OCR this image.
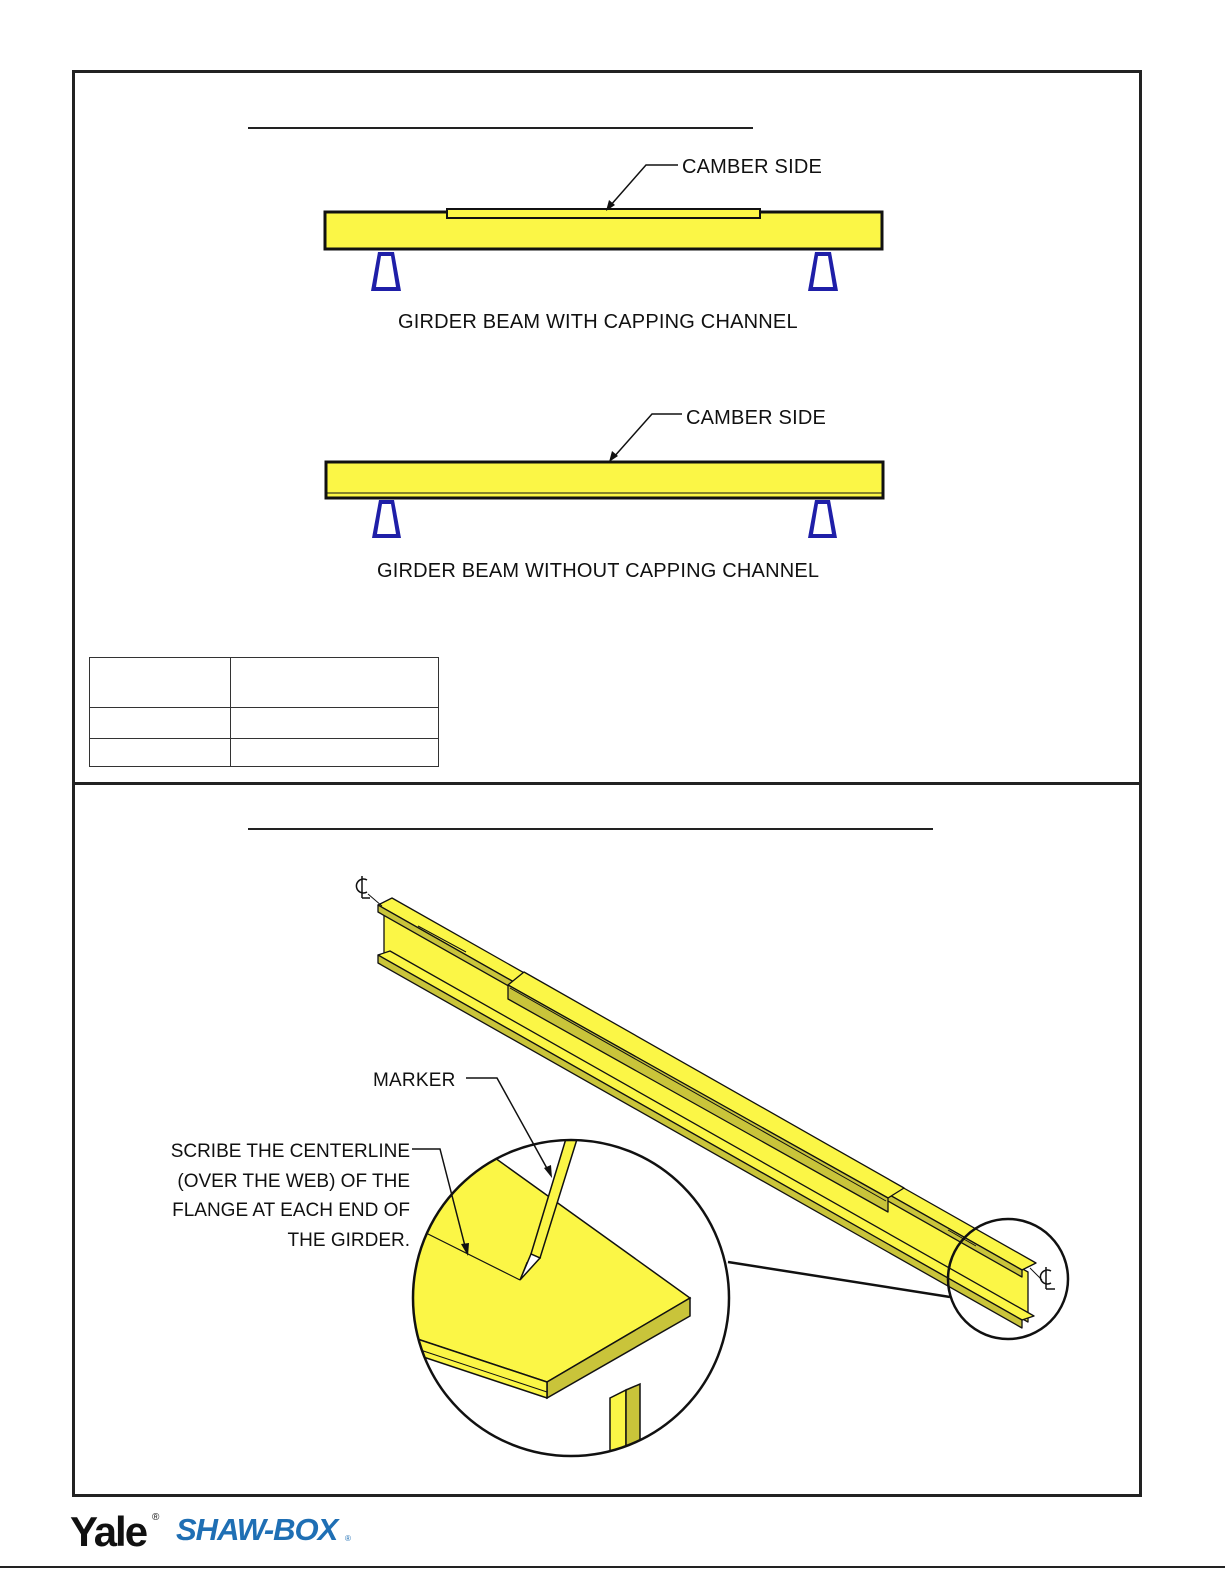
CAMBER SIDE
GIRDER BEAM WITH CAPPING CHANNEL
CAMBER SIDE
GIRDER BEAM WITHOUT CAPPING CHANNEL

MARKER
SCRIBE THE CENTERLINE
(OVER THE WEB) OF THE
FLANGE AT EACH END OF
THE GIRDER.
Yale ® SHAW-BOX ®
